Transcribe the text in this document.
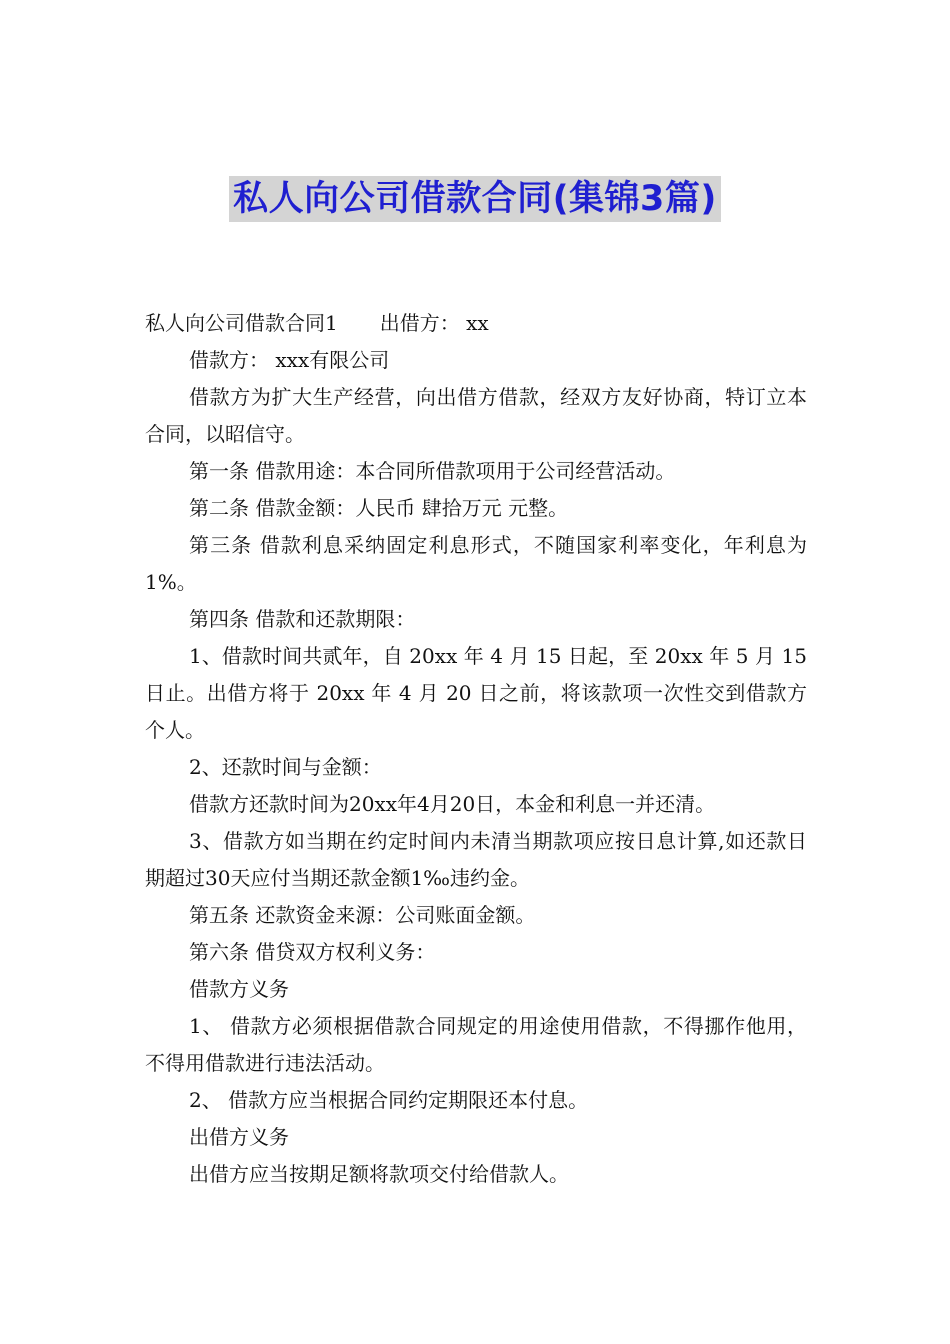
私人向公司借款合同(集锦3篇)

私人向公司借款合同1 出借方： xx

借款方： xxx有限公司

借款方为扩大生产经营，向出借方借款，经双方友好协商，特订立本合同，以昭信守。

第一条 借款用途：本合同所借款项用于公司经营活动。

第二条 借款金额：人民币 肆拾万元 元整。

第三条 借款利息采纳固定利息形式，不随国家利率变化，年利息为1%。

第四条 借款和还款期限：

1、借款时间共贰年，自 20xx 年 4 月 15 日起，至 20xx 年 5 月 15 日止。出借方将于 20xx 年 4 月 20 日之前，将该款项一次性交到借款方个人。

2、还款时间与金额：

借款方还款时间为20xx年4月20日，本金和利息一并还清。

3、借款方如当期在约定时间内未清当期款项应按日息计算,如还款日期超过30天应付当期还款金额1‰违约金。

第五条 还款资金来源：公司账面金额。

第六条 借贷双方权利义务：

借款方义务

1、 借款方必须根据借款合同规定的用途使用借款，不得挪作他用，不得用借款进行违法活动。

2、 借款方应当根据合同约定期限还本付息。

出借方义务

出借方应当按期足额将款项交付给借款人。
